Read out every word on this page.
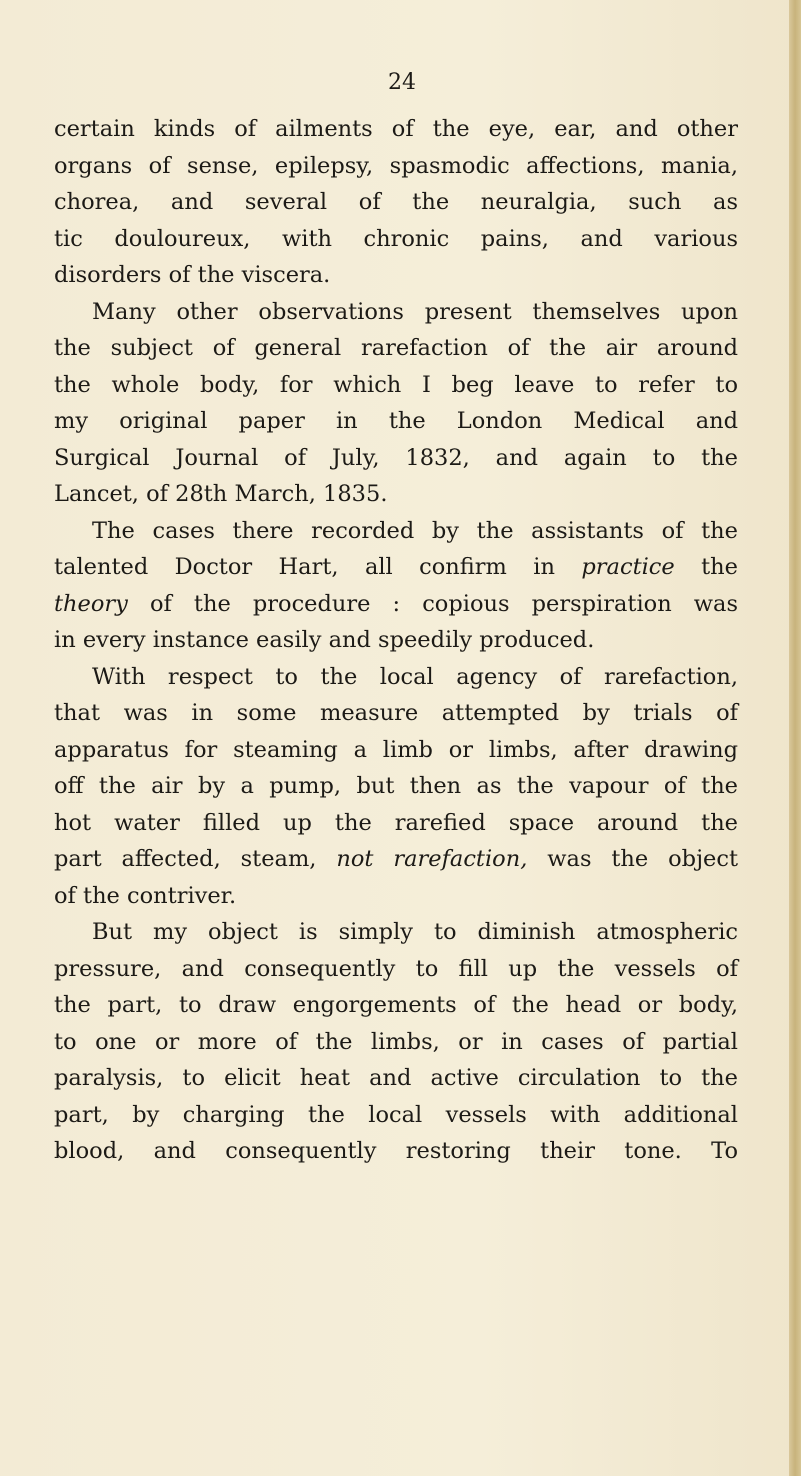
24
certain kinds of ailments of the eye, ear, and other
organs of sense, epilepsy, spasmodic affections, mania,
chorea, and several of the neuralgia, such as
tic douloureux, with chronic pains, and various
disorders of the viscera.
Many other observations present themselves upon
the subject of general rarefaction of the air around
the whole body, for which I beg leave to refer to
my original paper in the London Medical and
Surgical Journal of July, 1832, and again to the
Lancet, of 28th March, 1835.
The cases there recorded by the assistants of the
talented Doctor Hart, all confirm in practice the
theory of the procedure : copious perspiration was
in every instance easily and speedily produced.
With respect to the local agency of rarefaction,
that was in some measure attempted by trials of
apparatus for steaming a limb or limbs, after drawing
off the air by a pump, but then as the vapour of the
hot water filled up the rarefied space around the
part affected, steam, not rarefaction, was the object
of the contriver.
But my object is simply to diminish atmospheric
pressure, and consequently to fill up the vessels of
the part, to draw engorgements of the head or body,
to one or more of the limbs, or in cases of partial
paralysis, to elicit heat and active circulation to the
part, by charging the local vessels with additional
blood, and consequently restoring their tone. To
